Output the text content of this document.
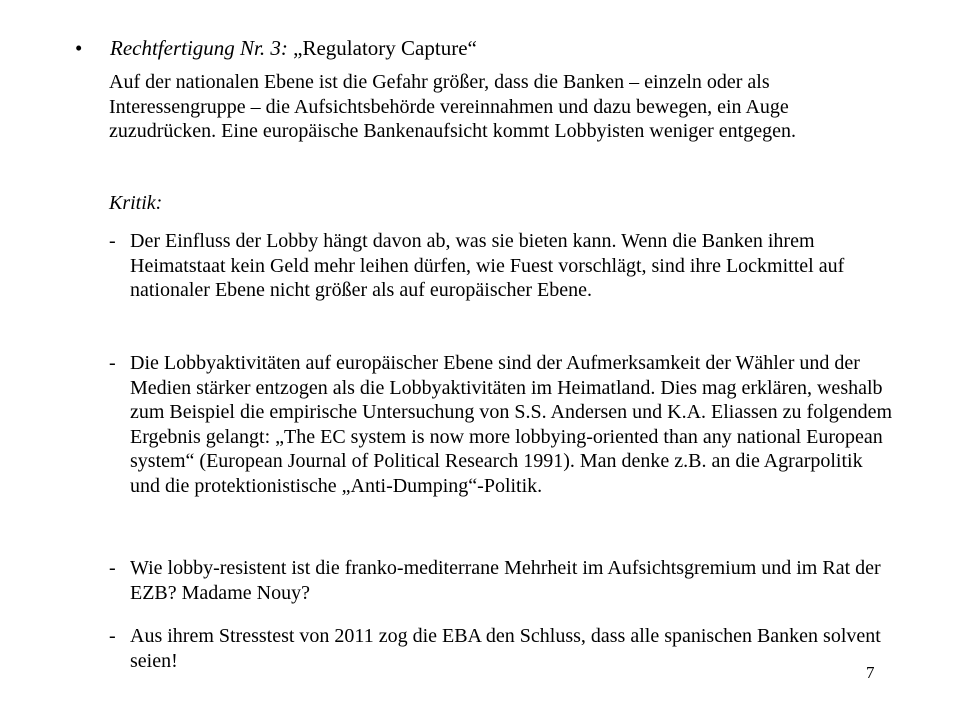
• Rechtfertigung Nr. 3: „Regulatory Capture“

Auf der nationalen Ebene ist die Gefahr größer, dass die Banken – einzeln oder als Interessengruppe – die Aufsichtsbehörde vereinnahmen und dazu bewegen, ein Auge zuzudrücken. Eine europäische Bankenaufsicht kommt Lobbyisten weniger entgegen.

Kritik:

- Der Einfluss der Lobby hängt davon ab, was sie bieten kann. Wenn die Banken ihrem Heimatstaat kein Geld mehr leihen dürfen, wie Fuest vorschlägt, sind ihre Lockmittel auf nationaler Ebene nicht größer als auf europäischer Ebene.

- Die Lobbyaktivitäten auf europäischer Ebene sind der Aufmerksamkeit der Wähler und der Medien stärker entzogen als die Lobbyaktivitäten im Heimatland. Dies mag erklären, weshalb zum Beispiel die empirische Untersuchung von S.S. Andersen und K.A. Eliassen zu folgendem Ergebnis gelangt: „The EC system is now more lobbying-oriented than any national European system“ (European Journal of Political Research 1991). Man denke z.B. an die Agrarpolitik und die protektionistische „Anti-Dumping“-Politik.

- Wie lobby-resistent ist die franko-mediterrane Mehrheit im Aufsichtsgremium und im Rat der EZB? Madame Nouy?

- Aus ihrem Stresstest von 2011 zog die EBA den Schluss, dass alle spanischen Banken solvent seien!

7
